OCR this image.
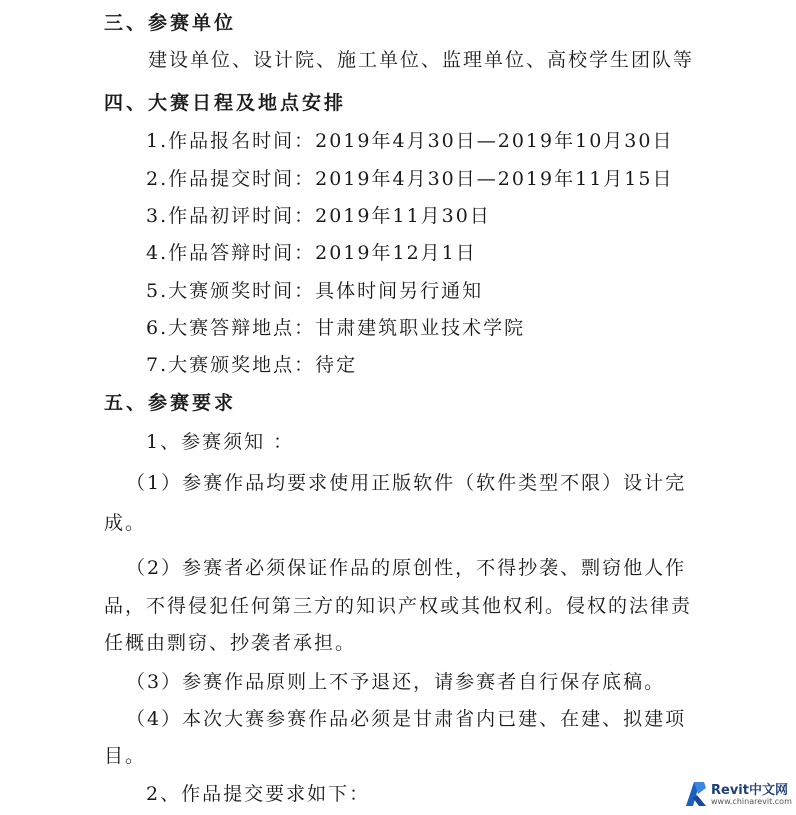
三、参赛单位
建设单位、设计院、施工单位、监理单位、高校学生团队等
四、大赛日程及地点安排
1.作品报名时间：2019年4月30日—2019年10月30日
2.作品提交时间：2019年4月30日—2019年11月15日
3.作品初评时间：2019年11月30日
4.作品答辩时间：2019年12月1日
5.大赛颁奖时间：具体时间另行通知
6.大赛答辩地点：甘肃建筑职业技术学院
7.大赛颁奖地点：待定
五、参赛要求
1、参赛须知 ：
（1）参赛作品均要求使用正版软件（软件类型不限）设计完
成。
（2）参赛者必须保证作品的原创性，不得抄袭、剽窃他人作
品，不得侵犯任何第三方的知识产权或其他权利。侵权的法律责
任概由剽窃、抄袭者承担。
（3）参赛作品原则上不予退还，请参赛者自行保存底稿。
（4）本次大赛参赛作品必须是甘肃省内已建、在建、拟建项
目。
2、作品提交要求如下：	Revit中文网
www.chinarevit.com
